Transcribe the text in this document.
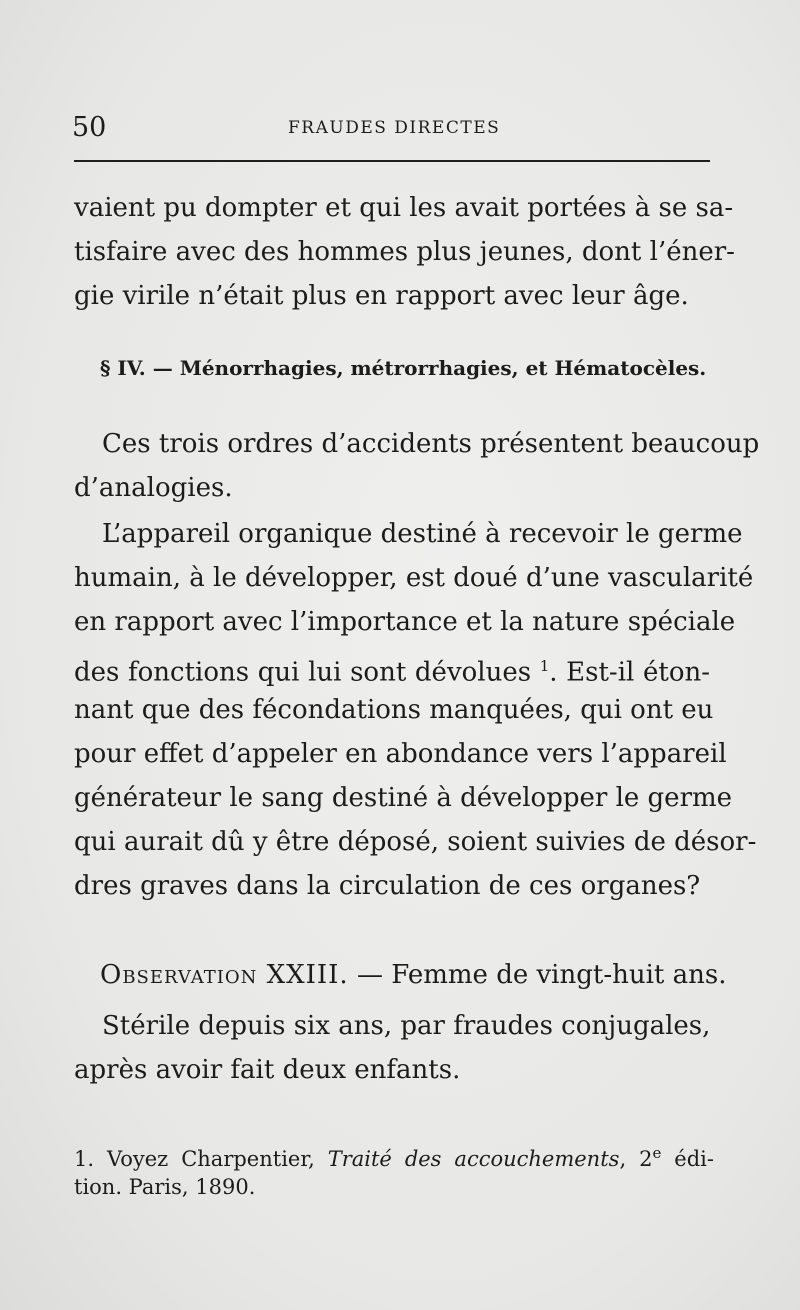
50	FRAUDES DIRECTES
vaient pu dompter et qui les avait portées à se sa-
tisfaire avec des hommes plus jeunes, dont l’éner-
gie virile n’était plus en rapport avec leur âge.
§ IV. — Ménorrhagies, métrorrhagies, et Hématocèles.
Ces trois ordres d’accidents présentent beaucoup
d’analogies.
L’appareil organique destiné à recevoir le germe
humain, à le développer, est doué d’une vascularité
en rapport avec l’importance et la nature spéciale
des fonctions qui lui sont dévolues $^1$. Est-il éton-
nant que des fécondations manquées, qui ont eu
pour effet d’appeler en abondance vers l’appareil
générateur le sang destiné à développer le germe
qui aurait dû y être déposé, soient suivies de désor-
dres graves dans la circulation de ces organes?
Observation XXIII. — Femme de vingt-huit ans.
Stérile depuis six ans, par fraudes conjugales,
après avoir fait deux enfants.
1. Voyez Charpentier, Traité des accouchements, 2e édi-
tion. Paris, 1890.
